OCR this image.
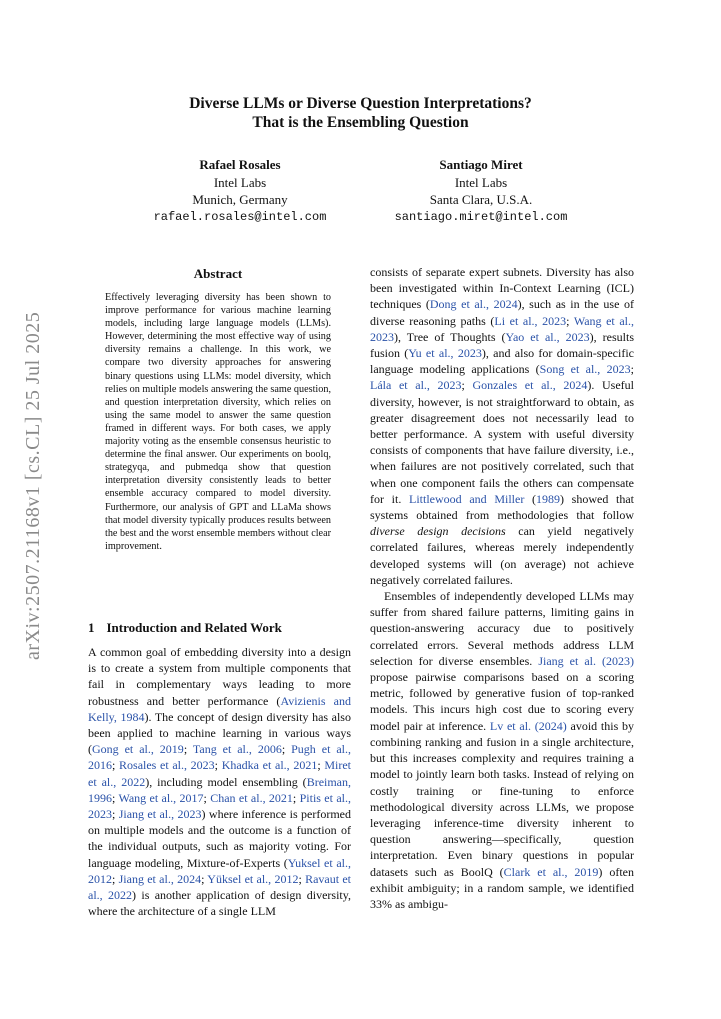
arXiv:2507.21168v1 [cs.CL] 25 Jul 2025
Diverse LLMs or Diverse Question Interpretations?
That is the Ensembling Question
Rafael Rosales
Intel Labs
Munich, Germany
rafael.rosales@intel.com
Santiago Miret
Intel Labs
Santa Clara, U.S.A.
santiago.miret@intel.com
Abstract
Effectively leveraging diversity has been shown to improve performance for various machine learning models, including large language models (LLMs). However, determining the most effective way of using diversity remains a challenge. In this work, we compare two diversity approaches for answering binary questions using LLMs: model diversity, which relies on multiple models answering the same question, and question interpretation diversity, which relies on using the same model to answer the same question framed in different ways. For both cases, we apply majority voting as the ensemble consensus heuristic to determine the final answer. Our experiments on boolq, strategyqa, and pubmedqa show that question interpretation diversity consistently leads to better ensemble accuracy compared to model diversity. Furthermore, our analysis of GPT and LLaMa shows that model diversity typically produces results between the best and the worst ensemble members without clear improvement.
1 Introduction and Related Work

A common goal of embedding diversity into a design is to create a system from multiple components that fail in complementary ways leading to more robustness and better performance (Avizienis and Kelly, 1984). The concept of design diversity has also been applied to machine learning in various ways (Gong et al., 2019; Tang et al., 2006; Pugh et al., 2016; Rosales et al., 2023; Khadka et al., 2021; Miret et al., 2022), including model ensembling (Breiman, 1996; Wang et al., 2017; Chan et al., 2021; Pitis et al., 2023; Jiang et al., 2023) where inference is performed on multiple models and the outcome is a function of the individual outputs, such as majority voting. For language modeling, Mixture-of-Experts (Yuksel et al., 2012; Jiang et al., 2024; Yüksel et al., 2012; Ravaut et al., 2022) is another application of design diversity, where the architecture of a single LLM

consists of separate expert subnets. Diversity has also been investigated within In-Context Learning (ICL) techniques (Dong et al., 2024), such as in the use of diverse reasoning paths (Li et al., 2023; Wang et al., 2023), Tree of Thoughts (Yao et al., 2023), results fusion (Yu et al., 2023), and also for domain-specific language modeling applications (Song et al., 2023; Lála et al., 2023; Gonzales et al., 2024). Useful diversity, however, is not straightforward to obtain, as greater disagreement does not necessarily lead to better performance. A system with useful diversity consists of components that have failure diversity, i.e., when failures are not positively correlated, such that when one component fails the others can compensate for it. Littlewood and Miller (1989) showed that systems obtained from methodologies that follow diverse design decisions can yield negatively correlated failures, whereas merely independently developed systems will (on average) not achieve negatively correlated failures.

Ensembles of independently developed LLMs may suffer from shared failure patterns, limiting gains in question-answering accuracy due to positively correlated errors. Several methods address LLM selection for diverse ensembles. Jiang et al. (2023) propose pairwise comparisons based on a scoring metric, followed by generative fusion of top-ranked models. This incurs high cost due to scoring every model pair at inference. Lv et al. (2024) avoid this by combining ranking and fusion in a single architecture, but this increases complexity and requires training a model to jointly learn both tasks. Instead of relying on costly training or fine-tuning to enforce methodological diversity across LLMs, we propose leveraging inference-time diversity inherent to question answering—specifically, question interpretation. Even binary questions in popular datasets such as BoolQ (Clark et al., 2019) often exhibit ambiguity; in a random sample, we identified 33% as ambigu-
